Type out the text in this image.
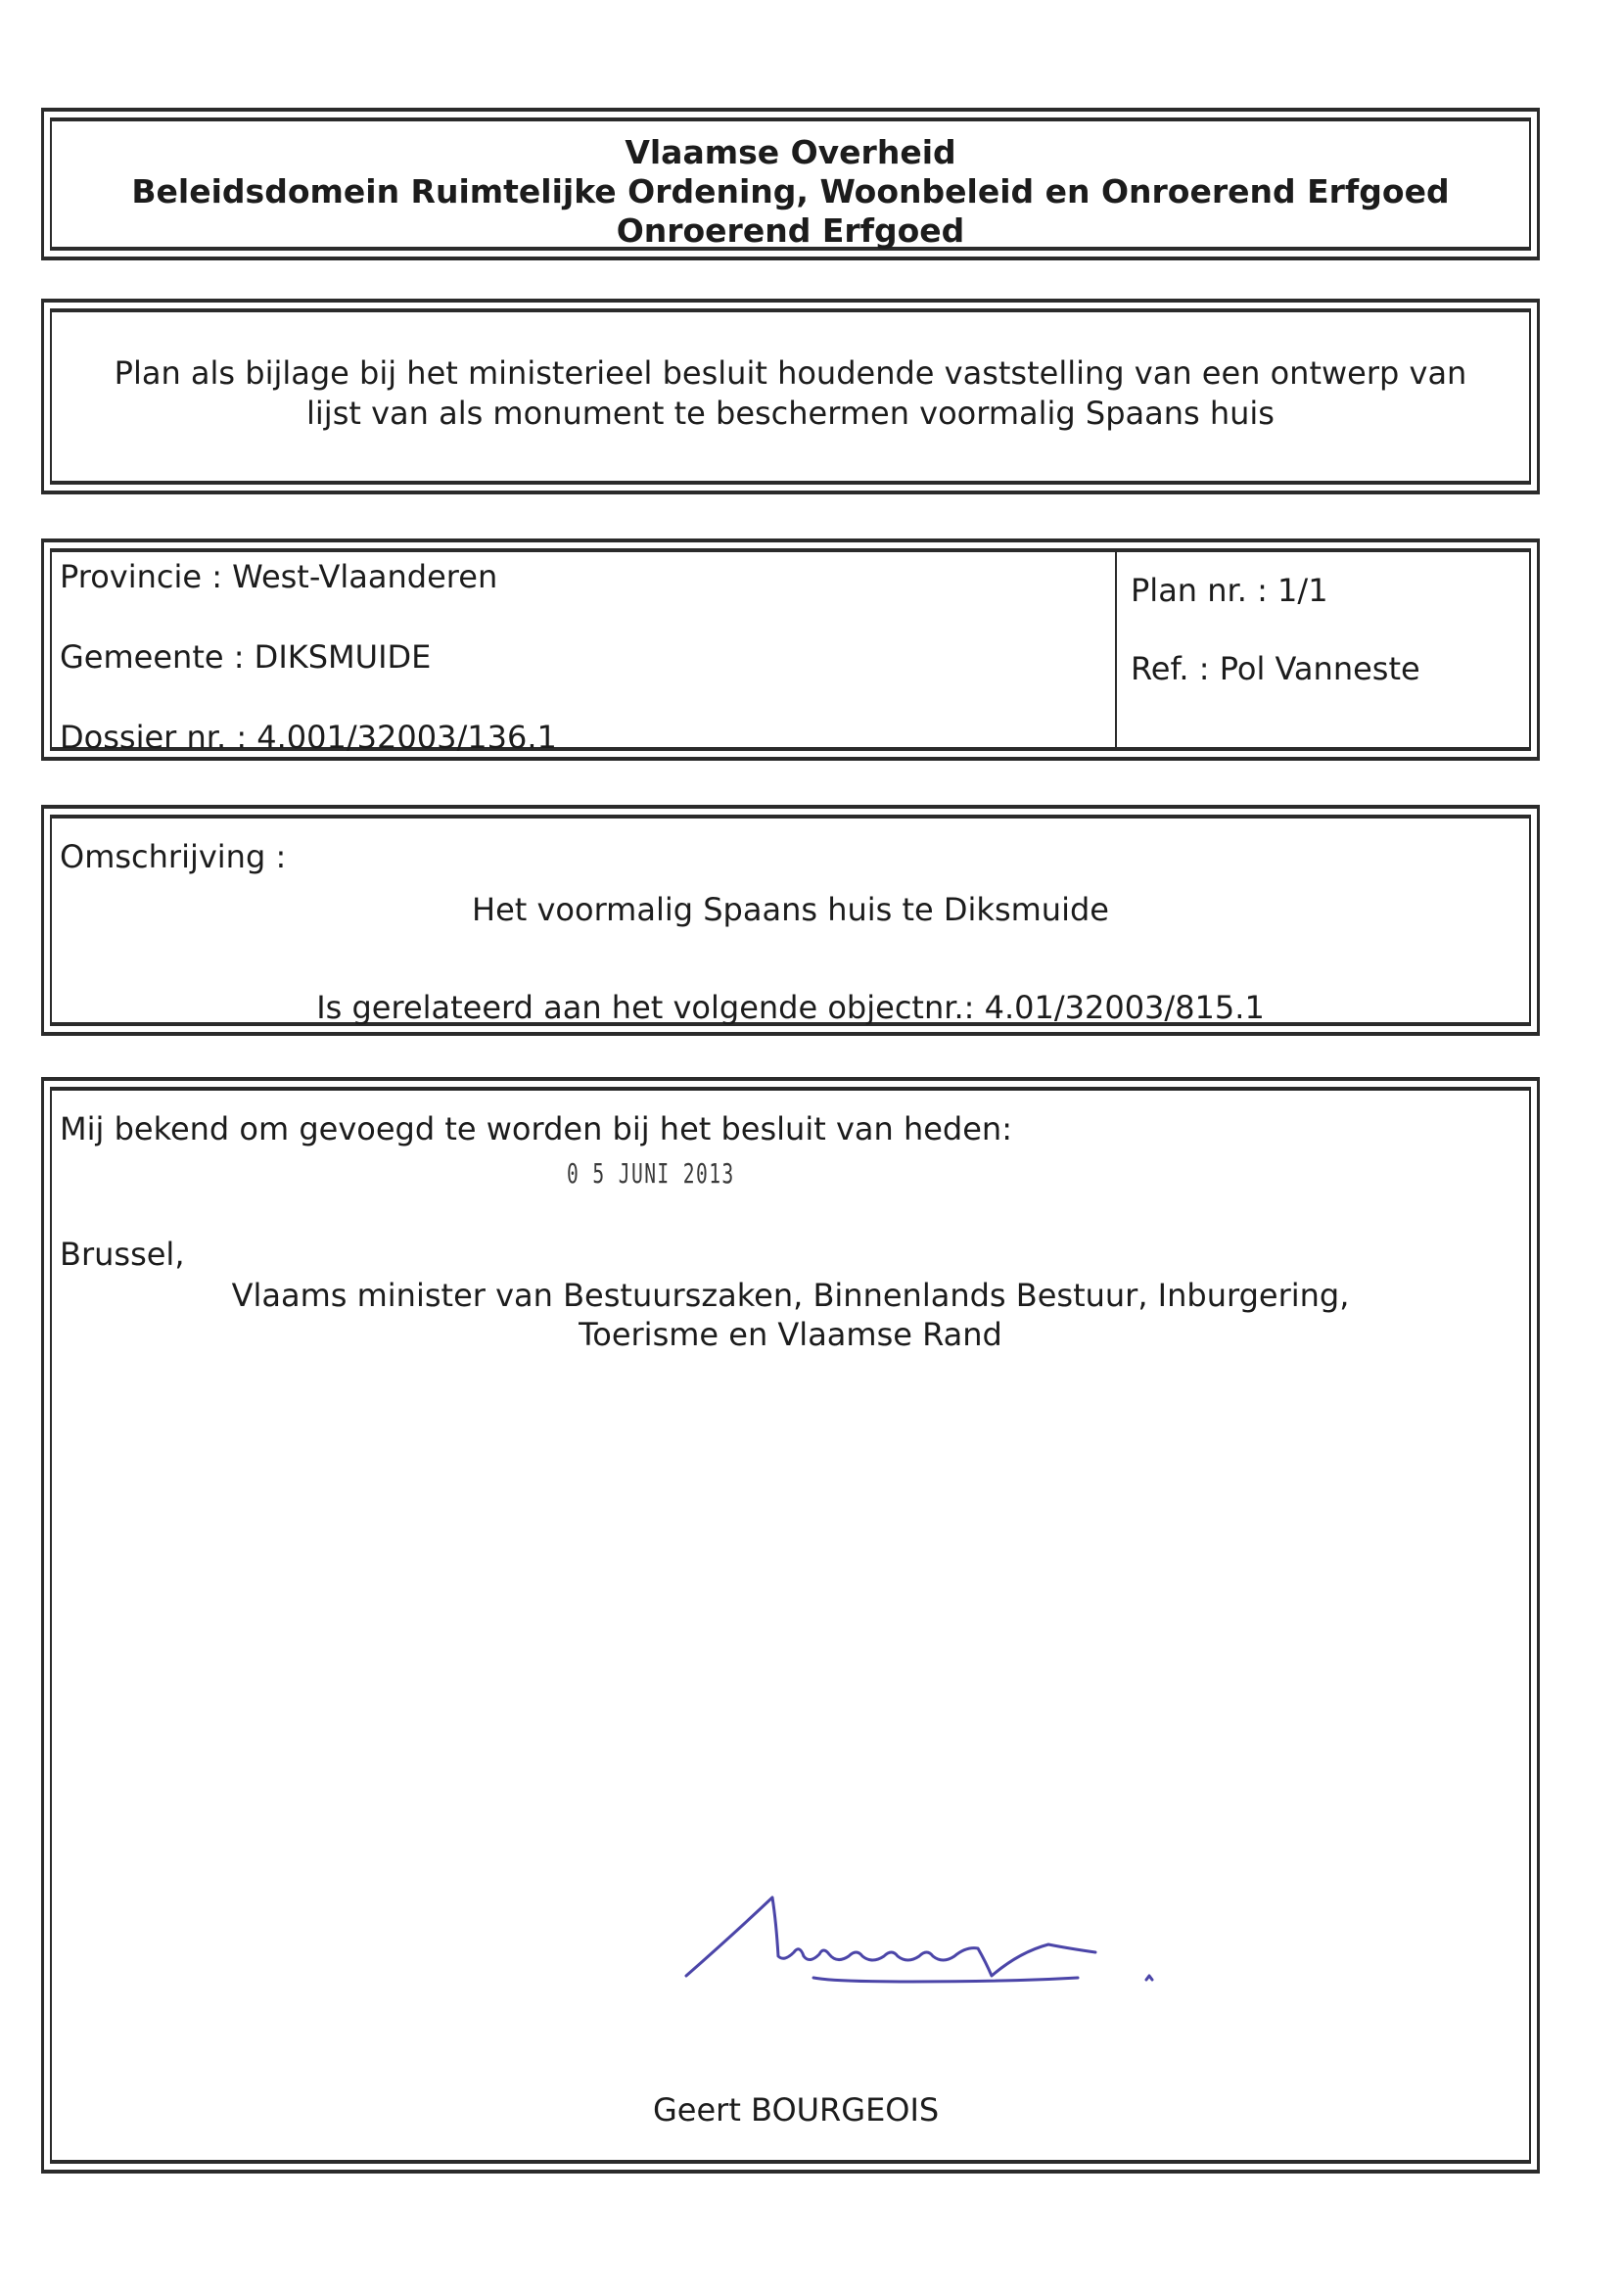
Vlaamse Overheid
Beleidsdomein Ruimtelijke Ordening, Woonbeleid en Onroerend Erfgoed
Onroerend Erfgoed
Plan als bijlage bij het ministerieel besluit houdende vaststelling van een ontwerp van
lijst van als monument te beschermen voormalig Spaans huis
Provincie : West-Vlaanderen
Gemeente : DIKSMUIDE
Dossier nr. : 4.001/32003/136.1
Plan nr. : 1/1
Ref. : Pol Vanneste
Omschrijving :
Het voormalig Spaans huis te Diksmuide
Is gerelateerd aan het volgende objectnr.: 4.01/32003/815.1
Mij bekend om gevoegd te worden bij het besluit van heden:
0 5 JUNI 2013
Brussel,
Vlaams minister van Bestuurszaken, Binnenlands Bestuur, Inburgering,
Toerisme en Vlaamse Rand
Geert BOURGEOIS
